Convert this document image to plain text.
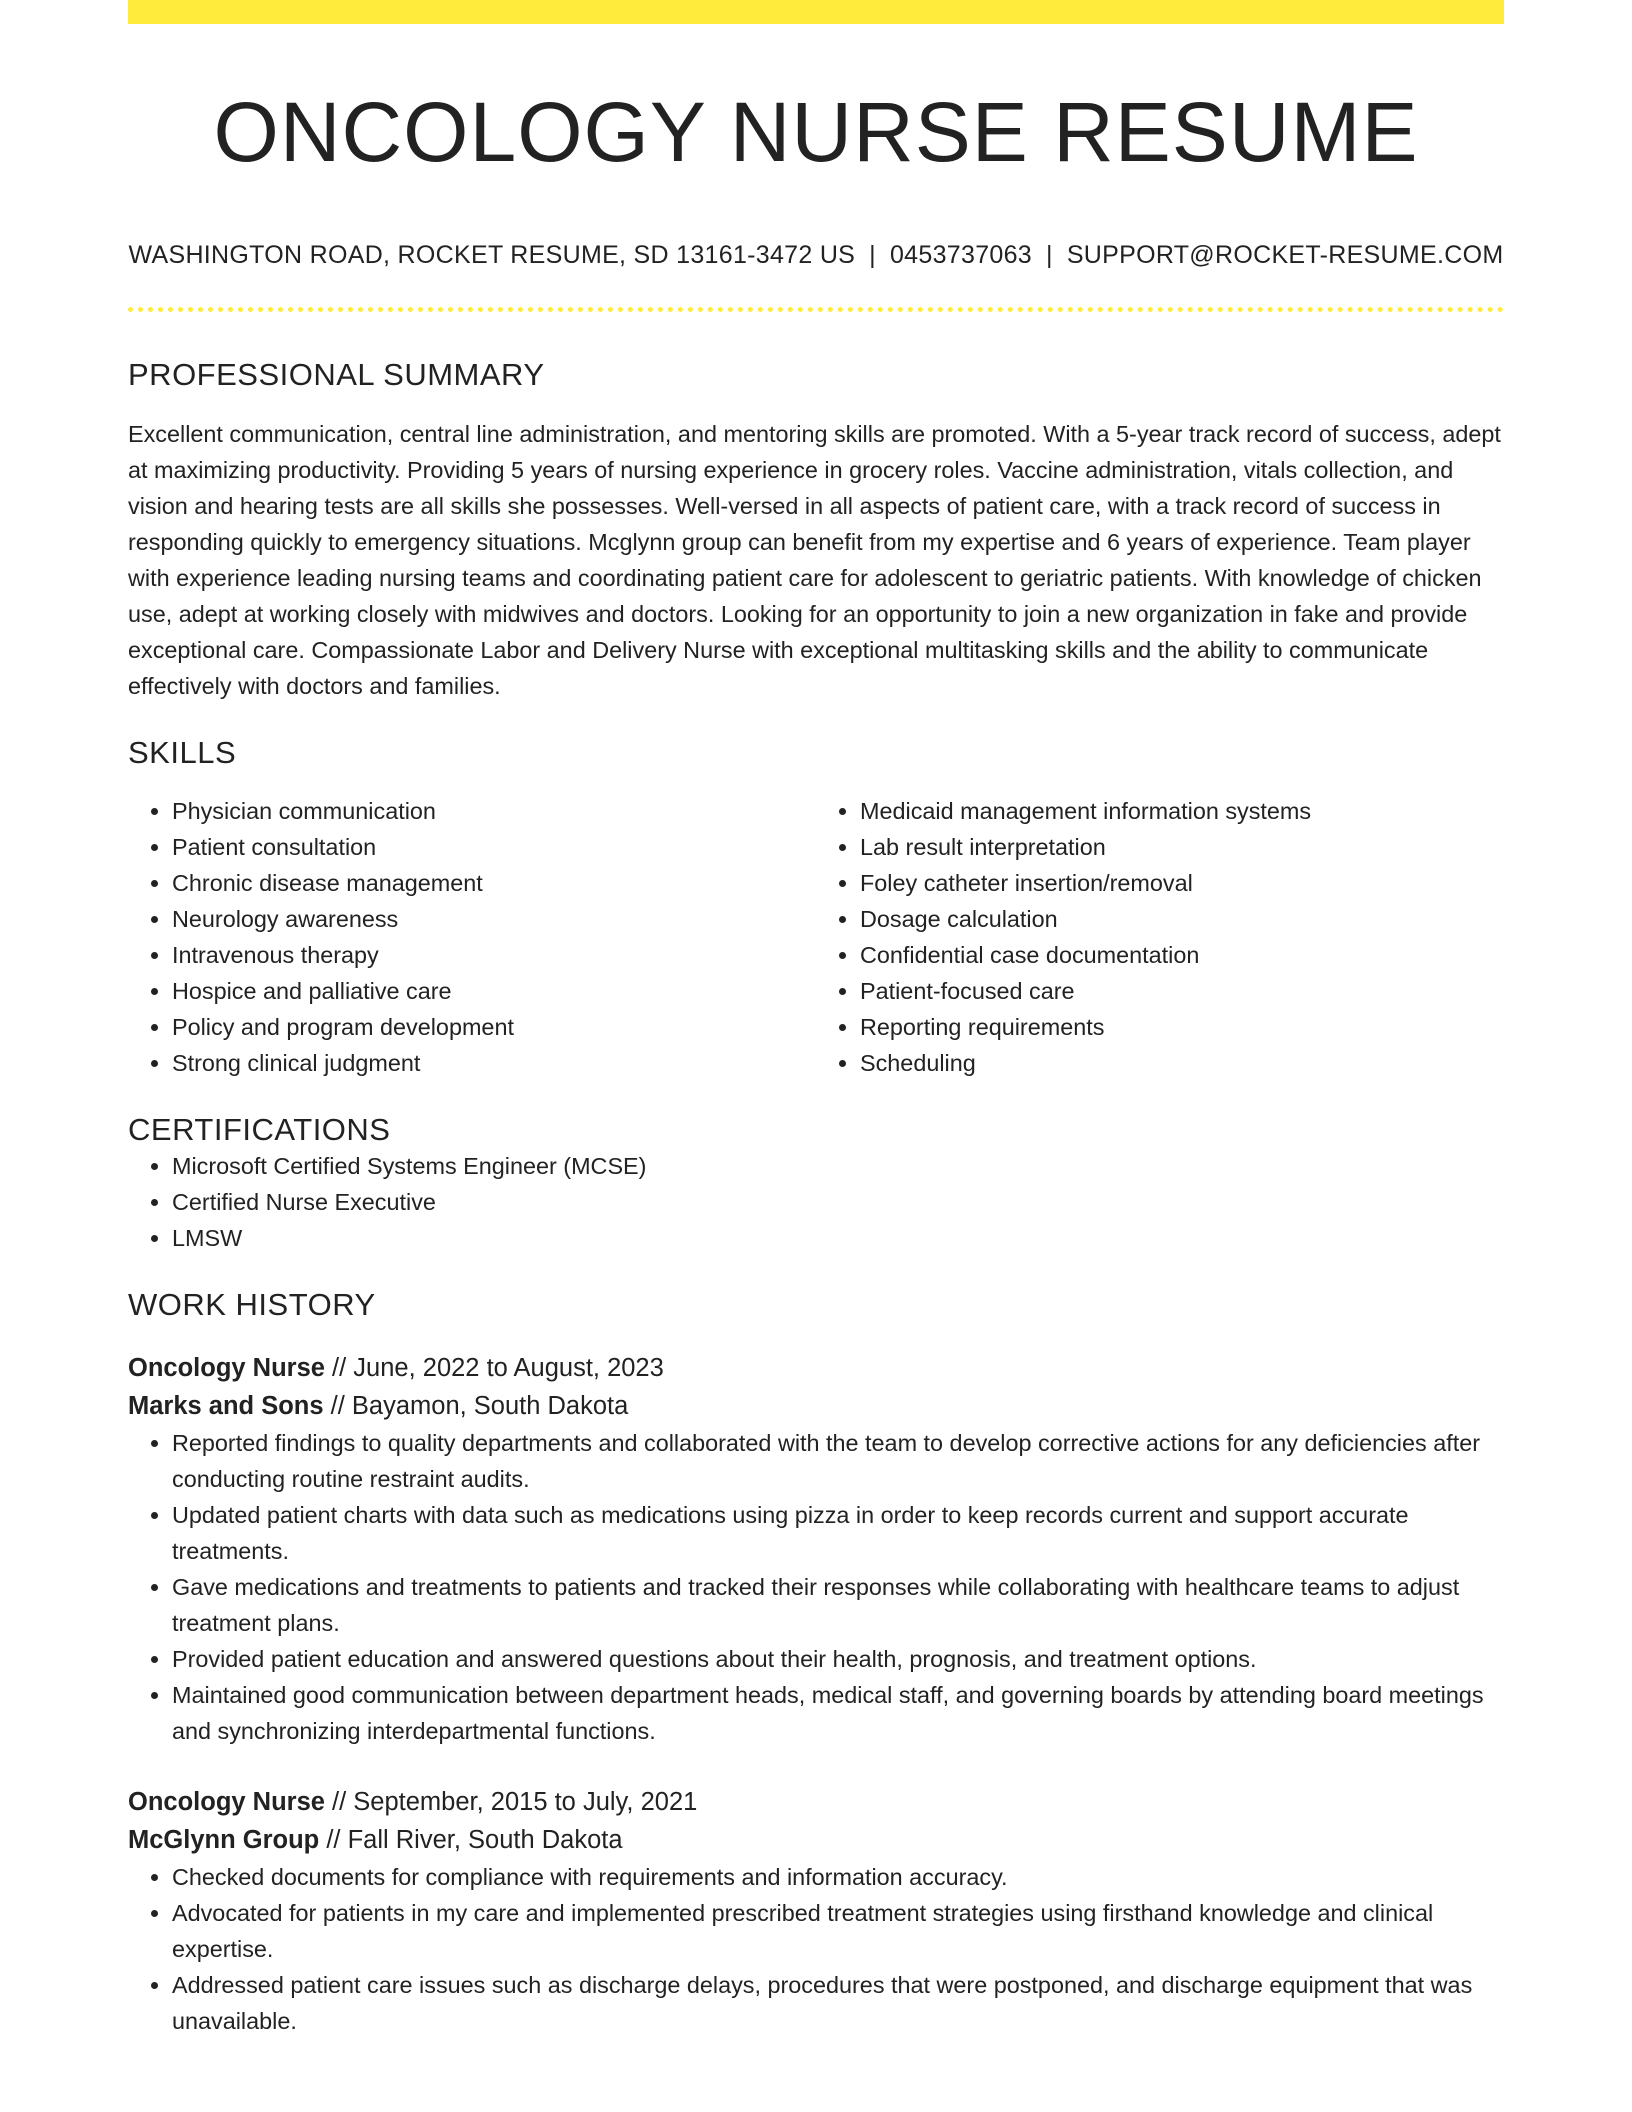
ONCOLOGY NURSE RESUME
WASHINGTON ROAD, ROCKET RESUME, SD 13161-3472 US | 0453737063 | SUPPORT@ROCKET-RESUME.COM
PROFESSIONAL SUMMARY
Excellent communication, central line administration, and mentoring skills are promoted. With a 5-year track record of success, adept at maximizing productivity. Providing 5 years of nursing experience in grocery roles. Vaccine administration, vitals collection, and vision and hearing tests are all skills she possesses. Well-versed in all aspects of patient care, with a track record of success in responding quickly to emergency situations. Mcglynn group can benefit from my expertise and 6 years of experience. Team player with experience leading nursing teams and coordinating patient care for adolescent to geriatric patients. With knowledge of chicken use, adept at working closely with midwives and doctors. Looking for an opportunity to join a new organization in fake and provide exceptional care. Compassionate Labor and Delivery Nurse with exceptional multitasking skills and the ability to communicate effectively with doctors and families.
SKILLS
• Physician communication
• Patient consultation
• Chronic disease management
• Neurology awareness
• Intravenous therapy
• Hospice and palliative care
• Policy and program development
• Strong clinical judgment
• Medicaid management information systems
• Lab result interpretation
• Foley catheter insertion/removal
• Dosage calculation
• Confidential case documentation
• Patient-focused care
• Reporting requirements
• Scheduling
CERTIFICATIONS
• Microsoft Certified Systems Engineer (MCSE)
• Certified Nurse Executive
• LMSW
WORK HISTORY
Oncology Nurse // June, 2022 to August, 2023
Marks and Sons // Bayamon, South Dakota
• Reported findings to quality departments and collaborated with the team to develop corrective actions for any deficiencies after conducting routine restraint audits.
• Updated patient charts with data such as medications using pizza in order to keep records current and support accurate treatments.
• Gave medications and treatments to patients and tracked their responses while collaborating with healthcare teams to adjust treatment plans.
• Provided patient education and answered questions about their health, prognosis, and treatment options.
• Maintained good communication between department heads, medical staff, and governing boards by attending board meetings and synchronizing interdepartmental functions.
Oncology Nurse // September, 2015 to July, 2021
McGlynn Group // Fall River, South Dakota
• Checked documents for compliance with requirements and information accuracy.
• Advocated for patients in my care and implemented prescribed treatment strategies using firsthand knowledge and clinical expertise.
• Addressed patient care issues such as discharge delays, procedures that were postponed, and discharge equipment that was unavailable.
